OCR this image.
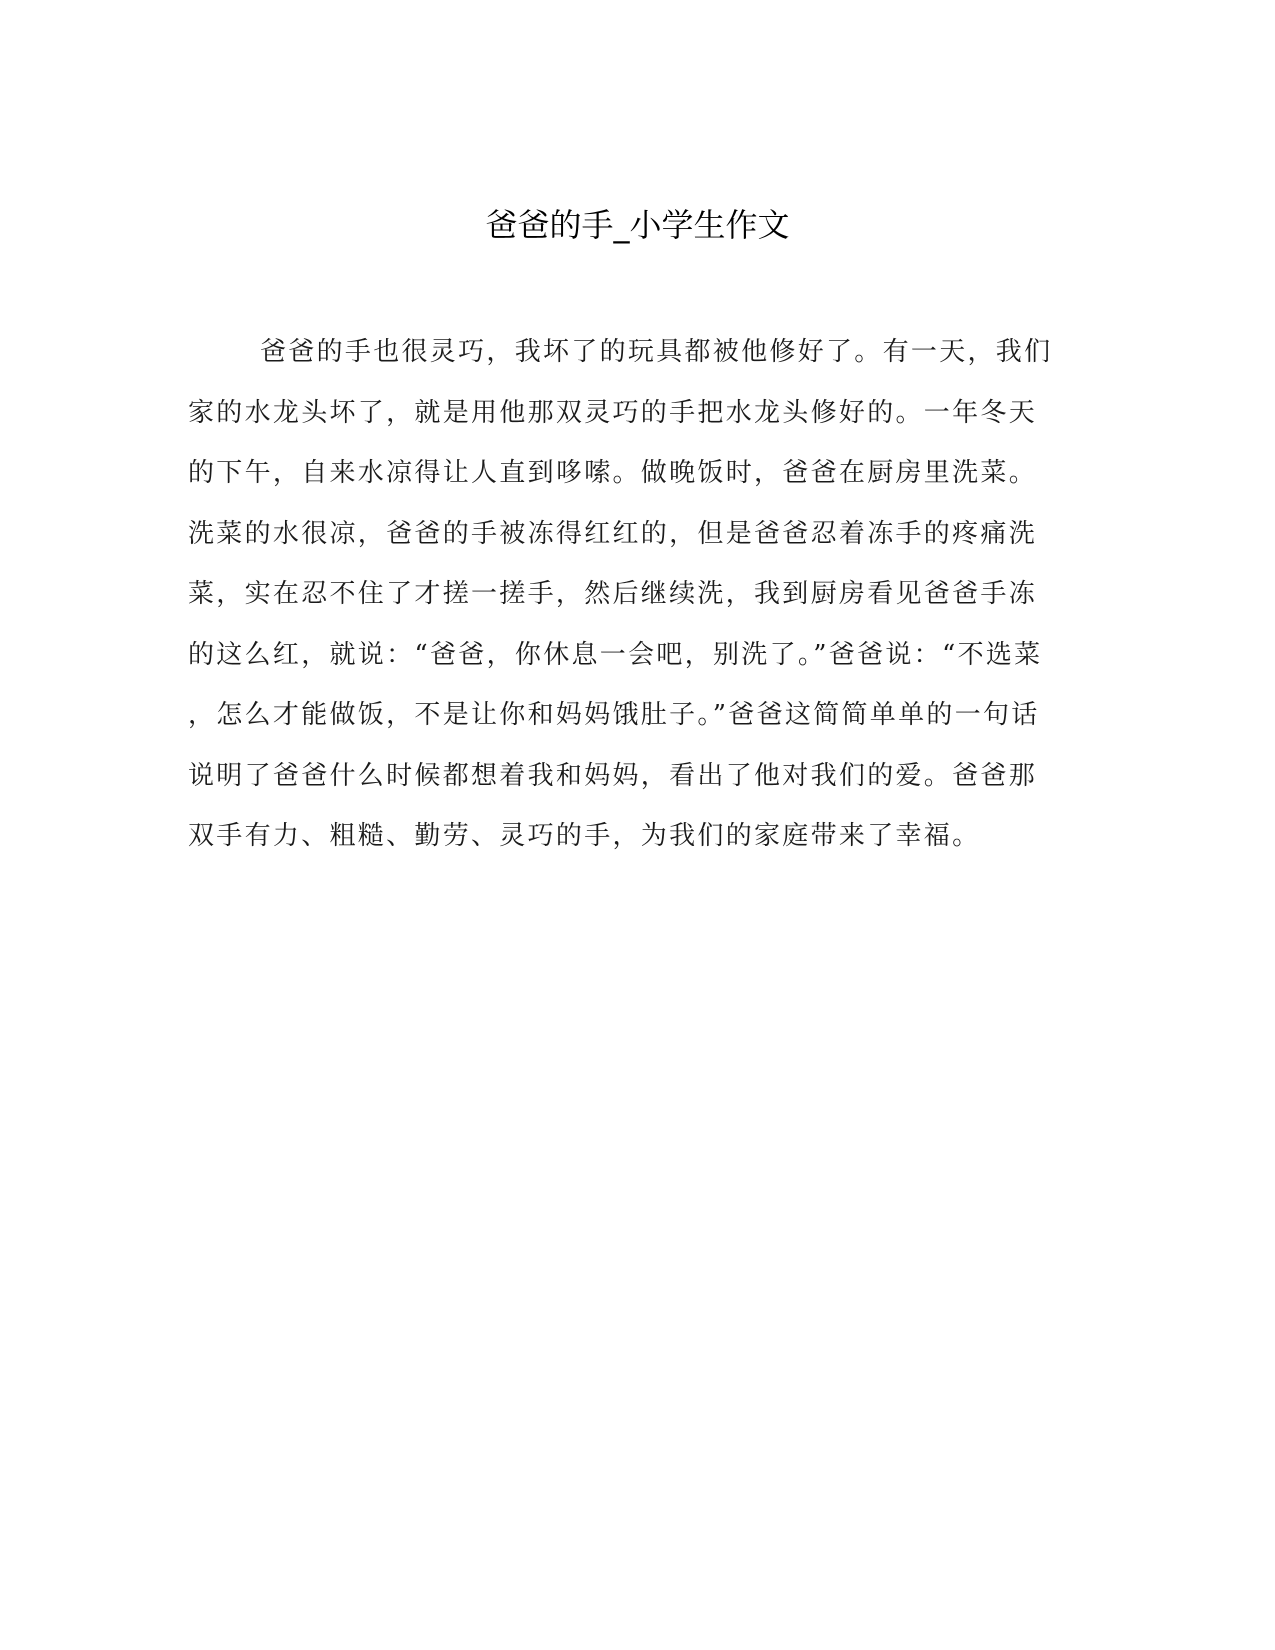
爸爸的手_小学生作文
爸爸的手也很灵巧，我坏了的玩具都被他修好了。有一天，我们
家的水龙头坏了，就是用他那双灵巧的手把水龙头修好的。一年冬天
的下午，自来水凉得让人直到哆嗦。做晚饭时，爸爸在厨房里洗菜。
洗菜的水很凉，爸爸的手被冻得红红的，但是爸爸忍着冻手的疼痛洗
菜，实在忍不住了才搓一搓手，然后继续洗，我到厨房看见爸爸手冻
的这么红，就说：“爸爸，你休息一会吧，别洗了。”爸爸说：“不选菜
，怎么才能做饭，不是让你和妈妈饿肚子。”爸爸这简简单单的一句话
说明了爸爸什么时候都想着我和妈妈，看出了他对我们的爱。爸爸那
双手有力、粗糙、勤劳、灵巧的手，为我们的家庭带来了幸福。
